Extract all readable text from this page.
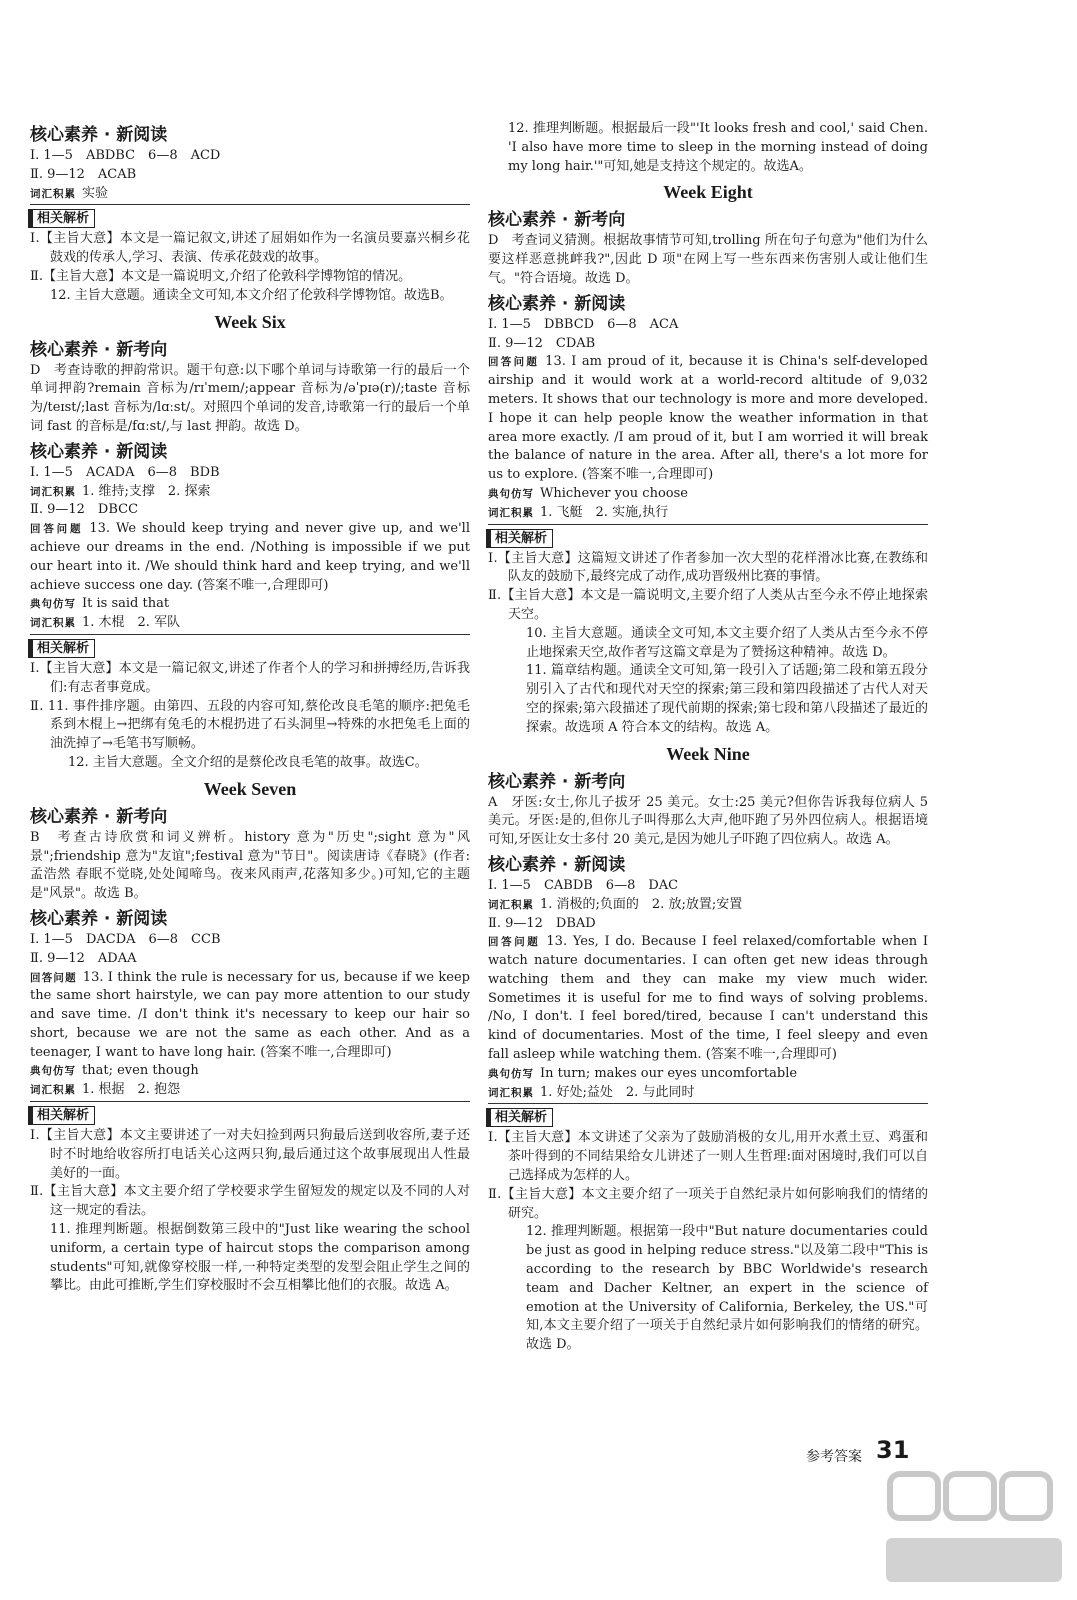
核心素养 · 新阅读
Ⅰ. 1—5　ABDBC　6—8　ACD
Ⅱ. 9—12　ACAB
词汇积累 实验
相关解析
Ⅰ.【主旨大意】本文是一篇记叙文,讲述了屈娟如作为一名演员要嘉兴桐乡花鼓戏的传承人,学习、表演、传承花鼓戏的故事。
Ⅱ.【主旨大意】本文是一篇说明文,介绍了伦敦科学博物馆的情况。
12. 主旨大意题。通读全文可知,本文介绍了伦敦科学博物馆。故选B。
Week Six
核心素养 · 新考向
D　考查诗歌的押韵常识。题干句意:以下哪个单词与诗歌第一行的最后一个单词押韵?remain 音标为/rɪˈmeɪn/;appear 音标为/əˈpɪə(r)/;taste 音标为/teɪst/;last 音标为/lɑːst/。对照四个单词的发音,诗歌第一行的最后一个单词 fast 的音标是/fɑːst/,与 last 押韵。故选 D。
核心素养 · 新阅读
Ⅰ. 1—5　ACADA　6—8　BDB
词汇积累 1. 维持;支撑　2. 探索
Ⅱ. 9—12　DBCC
回答问题 13. We should keep trying and never give up, and we'll achieve our dreams in the end. /Nothing is impossible if we put our heart into it. /We should think hard and keep trying, and we'll achieve success one day. (答案不唯一,合理即可)
典句仿写 It is said that
词汇积累 1. 木棍　2. 军队
相关解析
Ⅰ.【主旨大意】本文是一篇记叙文,讲述了作者个人的学习和拼搏经历,告诉我们:有志者事竟成。
Ⅱ. 11. 事件排序题。由第四、五段的内容可知,蔡伦改良毛笔的顺序:把兔毛系到木棍上→把绑有兔毛的木棍扔进了石头洞里→特殊的水把兔毛上面的油洗掉了→毛笔书写顺畅。
12. 主旨大意题。全文介绍的是蔡伦改良毛笔的故事。故选C。
Week Seven
核心素养 · 新考向
B　考查古诗欣赏和词义辨析。history 意为"历史";sight 意为"风景";friendship 意为"友谊";festival 意为"节日"。阅读唐诗《春晓》(作者:孟浩然 春眠不觉晓,处处闻啼鸟。夜来风雨声,花落知多少。)可知,它的主题是"风景"。故选 B。
核心素养 · 新阅读
Ⅰ. 1—5　DACDA　6—8　CCB
Ⅱ. 9—12　ADAA
回答问题 13. I think the rule is necessary for us, because if we keep the same short hairstyle, we can pay more attention to our study and save time. /I don't think it's necessary to keep our hair so short, because we are not the same as each other. And as a teenager, I want to have long hair. (答案不唯一,合理即可)
典句仿写 that; even though
词汇积累 1. 根据　2. 抱怨
相关解析
Ⅰ.【主旨大意】本文主要讲述了一对夫妇捡到两只狗最后送到收容所,妻子还时不时地给收容所打电话关心这两只狗,最后通过这个故事展现出人性最美好的一面。
Ⅱ.【主旨大意】本文主要介绍了学校要求学生留短发的规定以及不同的人对这一规定的看法。
11. 推理判断题。根据倒数第三段中的"Just like wearing the school uniform, a certain type of haircut stops the comparison among students"可知,就像穿校服一样,一种特定类型的发型会阻止学生之间的攀比。由此可推断,学生们穿校服时不会互相攀比他们的衣服。故选 A。
12. 推理判断题。根据最后一段"'It looks fresh and cool,' said Chen. 'I also have more time to sleep in the morning instead of doing my long hair.'"可知,她是支持这个规定的。故选A。
Week Eight
核心素养 · 新考向
D　考查词义猜测。根据故事情节可知,trolling 所在句子句意为"他们为什么要这样恶意挑衅我?",因此 D 项"在网上写一些东西来伤害别人或让他们生气。"符合语境。故选 D。
核心素养 · 新阅读
Ⅰ. 1—5　DBBCD　6—8　ACA
Ⅱ. 9—12　CDAB
回答问题 13. I am proud of it, because it is China's self-developed airship and it would work at a world-record altitude of 9,032 meters. It shows that our technology is more and more developed. I hope it can help people know the weather information in that area more exactly. /I am proud of it, but I am worried it will break the balance of nature in the area. After all, there's a lot more for us to explore. (答案不唯一,合理即可)
典句仿写 Whichever you choose
词汇积累 1. 飞艇　2. 实施,执行
相关解析
Ⅰ.【主旨大意】这篇短文讲述了作者参加一次大型的花样滑冰比赛,在教练和队友的鼓励下,最终完成了动作,成功晋级州比赛的事情。
Ⅱ.【主旨大意】本文是一篇说明文,主要介绍了人类从古至今永不停止地探索天空。
10. 主旨大意题。通读全文可知,本文主要介绍了人类从古至今永不停止地探索天空,故作者写这篇文章是为了赞扬这种精神。故选 D。
11. 篇章结构题。通读全文可知,第一段引入了话题;第二段和第五段分别引入了古代和现代对天空的探索;第三段和第四段描述了古代人对天空的探索;第六段描述了现代前期的探索;第七段和第八段描述了最近的探索。故选项 A 符合本文的结构。故选 A。
Week Nine
核心素养 · 新考向
A　牙医:女士,你儿子拔牙 25 美元。女士:25 美元?但你告诉我每位病人 5 美元。牙医:是的,但你儿子叫得那么大声,他吓跑了另外四位病人。根据语境可知,牙医让女士多付 20 美元,是因为她儿子吓跑了四位病人。故选 A。
核心素养 · 新阅读
Ⅰ. 1—5　CABDB　6—8　DAC
词汇积累 1. 消极的;负面的　2. 放;放置;安置
Ⅱ. 9—12　DBAD
回答问题 13. Yes, I do. Because I feel relaxed/comfortable when I watch nature documentaries. I can often get new ideas through watching them and they can make my view much wider. Sometimes it is useful for me to find ways of solving problems. /No, I don't. I feel bored/tired, because I can't understand this kind of documentaries. Most of the time, I feel sleepy and even fall asleep while watching them. (答案不唯一,合理即可)
典句仿写 In turn; makes our eyes uncomfortable
词汇积累 1. 好处;益处　2. 与此同时
相关解析
Ⅰ.【主旨大意】本文讲述了父亲为了鼓励消极的女儿,用开水煮土豆、鸡蛋和茶叶得到的不同结果给女儿讲述了一则人生哲理:面对困境时,我们可以自己选择成为怎样的人。
Ⅱ.【主旨大意】本文主要介绍了一项关于自然纪录片如何影响我们的情绪的研究。
12. 推理判断题。根据第一段中"But nature documentaries could be just as good in helping reduce stress."以及第二段中"This is according to the research by BBC Worldwide's research team and Dacher Keltner, an expert in the science of emotion at the University of California, Berkeley, the US."可知,本文主要介绍了一项关于自然纪录片如何影响我们的情绪的研究。故选 D。
参考答案 31
